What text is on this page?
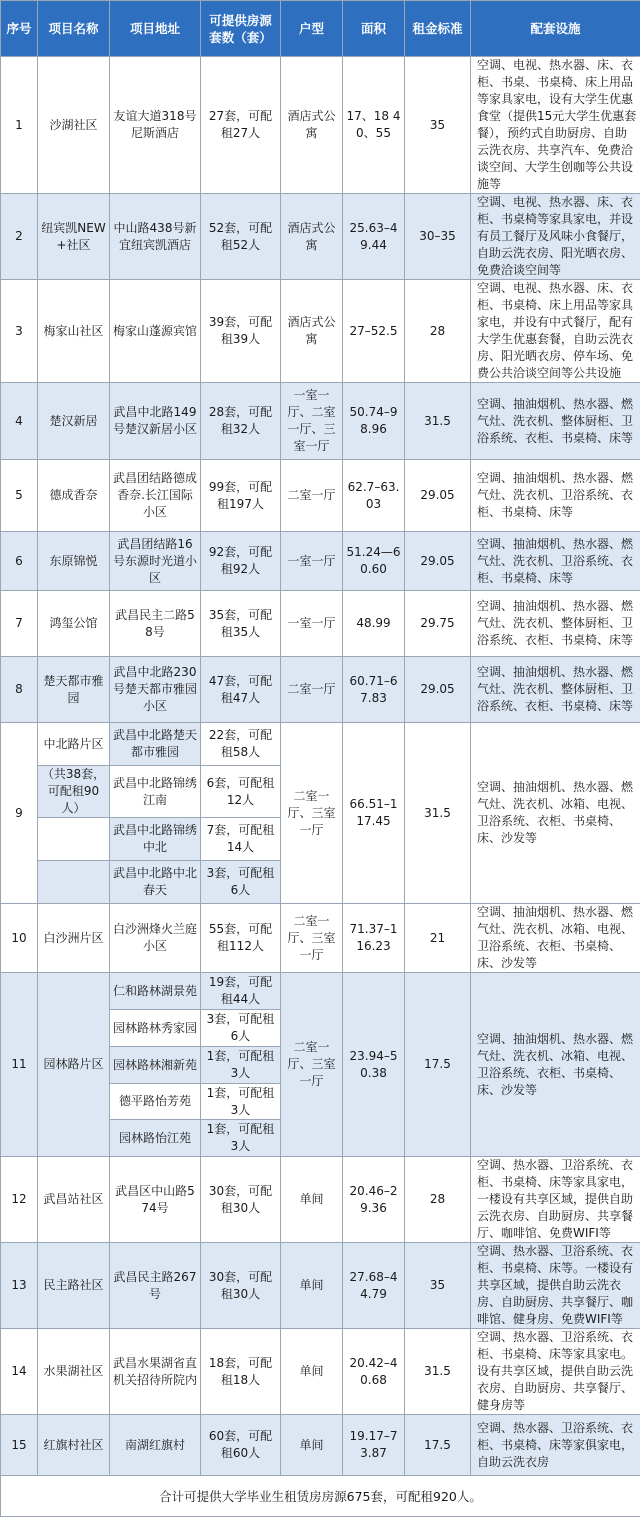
序号	项目名称	项目地址	可提供房源套数（套）	户型	面积	租金标准	配套设施
1	沙湖社区	友谊大道318号尼斯酒店	27套，可配租27人	酒店式公寓	17、18 40、55	35	空调、电视、热水器、床、衣柜、书桌、书桌椅、床上用品等家具家电，设有大学生优惠食堂（提供15元大学生优惠套餐），预约式自助厨房、自助云洗衣房、共享汽车、免费洽谈空间、大学生创咖等公共设施等
2	纽宾凯NEW+社区	中山路438号新宜纽宾凯酒店	52套，可配租52人	酒店式公寓	25.63–49.44	30–35	空调、电视、热水器、床、衣柜、书桌椅等家具家电，并设有员工餐厅及风味小食餐厅，自助云洗衣房、阳光晒衣房、免费洽谈空间等
3	梅家山社区	梅家山蓬源宾馆	39套，可配租39人	酒店式公寓	27–52.5	28	空调、电视、热水器、床、衣柜、书桌椅、床上用品等家具家电，并设有中式餐厅，配有大学生优惠套餐，自助云洗衣房、阳光晒衣房、停车场、免费公共洽谈空间等公共设施
4	楚汉新居	武昌中北路149号楚汉新居小区	28套，可配租32人	一室一厅、二室一厅、三室一厅	50.74–98.96	31.5	空调、抽油烟机、热水器、燃气灶、洗衣机、整体厨柜、卫浴系统、衣柜、书桌椅、床等
5	德成香奈	武昌团结路德成香奈.长江国际小区	99套，可配租197人	二室一厅	62.7–63.03	29.05	空调、抽油烟机、热水器、燃气灶、洗衣机、卫浴系统、衣柜、书桌椅、床等
6	东原锦悦	武昌团结路16号东源时光道小区	92套，可配租92人	一室一厅	51.24—60.60	29.05	空调、抽油烟机、热水器、燃气灶、洗衣机、卫浴系统、衣柜、书桌椅、床等
7	鸿玺公馆	武昌民主二路58号	35套，可配租35人	一室一厅	48.99	29.75	空调、抽油烟机、热水器、燃气灶、洗衣机、整体厨柜、卫浴系统、衣柜、书桌椅、床等
8	楚天都市雅园	武昌中北路230号楚天都市雅园小区	47套，可配租47人	二室一厅	60.71–67.83	29.05	空调、抽油烟机、热水器、燃气灶、洗衣机、整体厨柜、卫浴系统、衣柜、书桌椅、床等
9	中北路片区	武昌中北路楚天都市雅园	22套，可配租58人	二室一厅、三室一厅	66.51–117.45	31.5	空调、抽油烟机、热水器、燃气灶、洗衣机、冰箱、电视、卫浴系统、衣柜、书桌椅、床、沙发等
	（共38套，可配租90人）	武昌中北路锦绣江南	6套，可配租12人				
		武昌中北路锦绣中北	7套，可配租14人				
		武昌中北路中北春天	3套，可配租6人				
10	白沙洲片区	白沙洲烽火兰庭小区	55套，可配租112人	二室一厅、三室一厅	71.37–116.23	21	空调、抽油烟机、热水器、燃气灶、洗衣机、冰箱、电视、卫浴系统、衣柜、书桌椅、床、沙发等
11	园林路片区	仁和路林湖景苑	19套，可配租44人	二室一厅、三室一厅	23.94–50.38	17.5	空调、抽油烟机、热水器、燃气灶、洗衣机、冰箱、电视、卫浴系统、衣柜、书桌椅、床、沙发等
		园林路林秀家园	3套，可配租6人				
		园林路林湘新苑	1套，可配租3人				
		德平路怡芳苑	1套，可配租3人				
		园林路怡江苑	1套，可配租3人				
12	武昌站社区	武昌区中山路574号	30套，可配租30人	单间	20.46–29.36	28	空调、热水器、卫浴系统、衣柜、书桌椅、床等家具家电，一楼设有共享区域，提供自助云洗衣房、自助厨房、共享餐厅、咖啡馆、免费WIFI等
13	民主路社区	武昌民主路267号	30套，可配租30人	单间	27.68–44.79	35	空调、热水器、卫浴系统、衣柜、书桌椅、床等。一楼设有共享区域，提供自助云洗衣房、自助厨房、共享餐厅、咖啡馆、健身房、免费WIFI等
14	水果湖社区	武昌水果湖省直机关招待所院内	18套，可配租18人	单间	20.42–40.68	31.5	空调、热水器、卫浴系统、衣柜、书桌椅、床等家具家电。设有共享区域，提供自助云洗衣房、自助厨房、共享餐厅、健身房等
15	红旗村社区	南湖红旗村	60套，可配租60人	单间	19.17–73.87	17.5	空调、热水器、卫浴系统、衣柜、书桌椅、床等家俱家电，自助云洗衣房
合计可提供大学毕业生租赁房房源675套，可配租920人。							
